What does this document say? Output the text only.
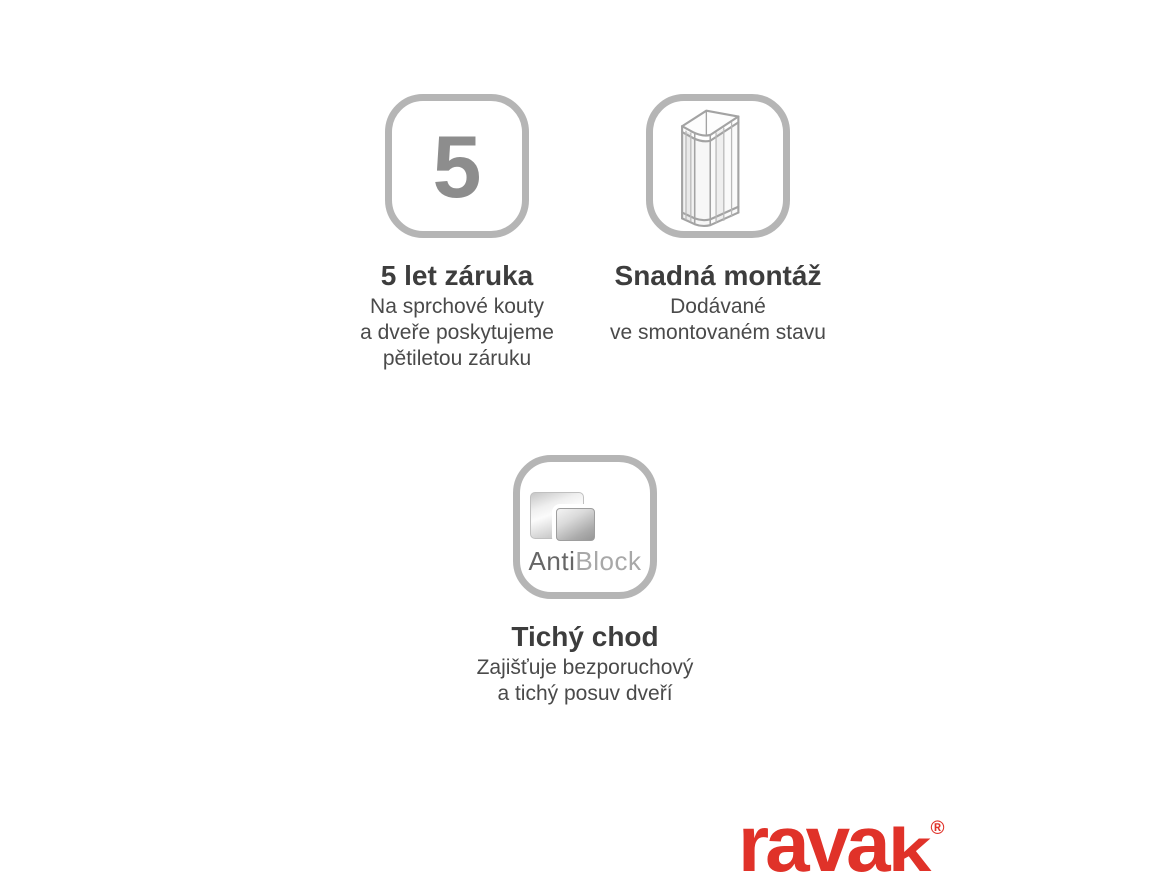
5
5 let záruka

Na sprchové kouty
a dveře poskytujeme
pětiletou záruku

Snadná montáž

Dodávané
ve smontovaném stavu

AntiBlock
Tichý chod

Zajišťuje bezporuchový
a tichý posuv dveří

ravak®
